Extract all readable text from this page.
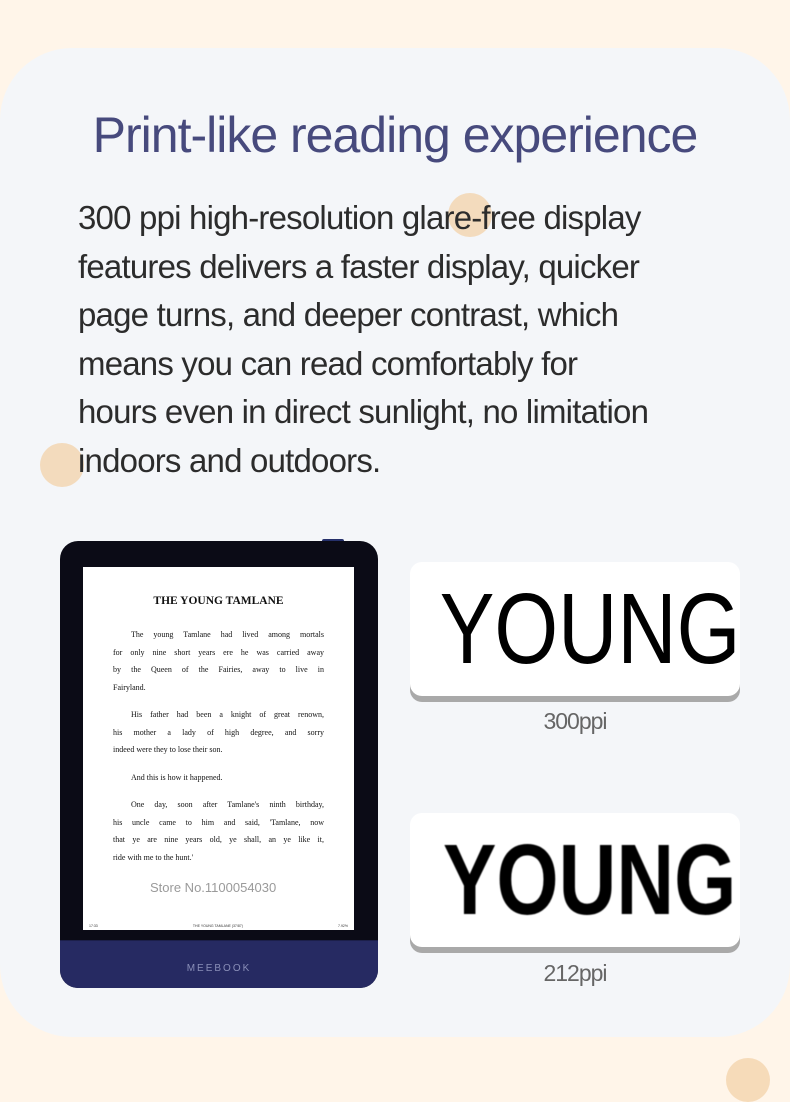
Print-like reading experience
300 ppi high-resolution glare-free display
features delivers a faster display, quicker
page turns, and deeper contrast, which
means you can read comfortably for
hours even in direct sunlight, no limitation
indoors and outdoors.
THE YOUNG TAMLANE
The young Tamlane had lived among mortals
for only nine short years ere he was carried away
by the Queen of the Fairies, away to live in
Fairyland.
His father had been a knight of great renown,
his mother a lady of high degree, and sorry
indeed were they to lose their son.
And this is how it happened.
One day, soon after Tamlane's ninth birthday,
his uncle came to him and said, 'Tamlane, now
that ye are nine years old, ye shall, an ye like it,
ride with me to the hunt.'
17:33	THE YOUNG TAMLANE (37/87)	7.92%
MEEBOOK
Store No.1100054030
YOUNG
300ppi
YOUNG
212ppi
